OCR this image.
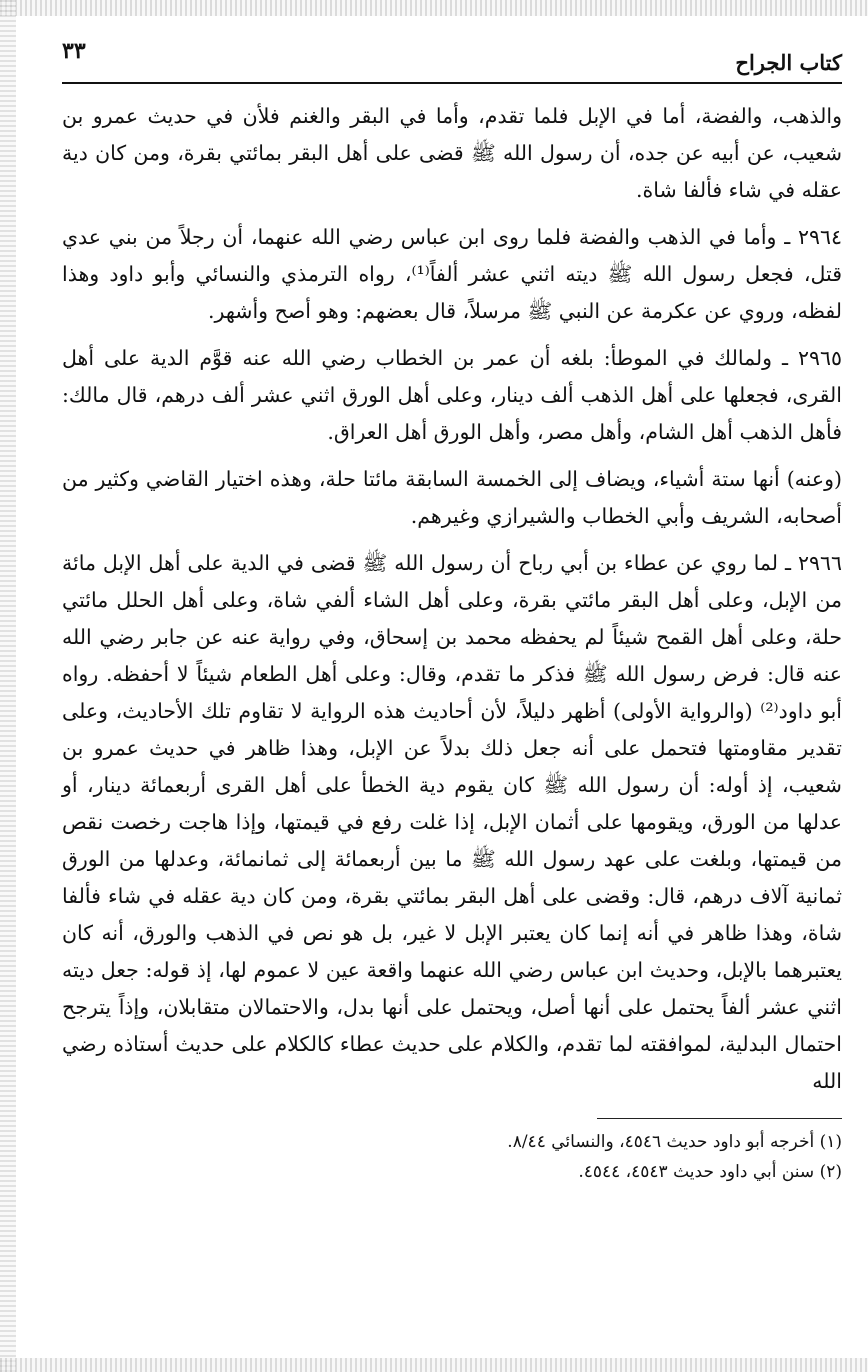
كتاب الجراح
٣٣

والذهب، والفضة، أما في الإبل فلما تقدم، وأما في البقر والغنم فلأن في حديث عمرو بن شعيب، عن أبيه عن جده، أن رسول الله ﷺ قضى على أهل البقر بمائتي بقرة، ومن كان دية عقله في شاء فألفا شاة.

٢٩٦٤ ـ وأما في الذهب والفضة فلما روى ابن عباس رضي الله عنهما، أن رجلاً من بني عدي قتل، فجعل رسول الله ﷺ ديته اثني عشر ألفاً⁽¹⁾، رواه الترمذي والنسائي وأبو داود وهذا لفظه، وروي عن عكرمة عن النبي ﷺ مرسلاً، قال بعضهم: وهو أصح وأشهر.

٢٩٦٥ ـ ولمالك في الموطأ: بلغه أن عمر بن الخطاب رضي الله عنه قوَّم الدية على أهل القرى، فجعلها على أهل الذهب ألف دينار، وعلى أهل الورق اثني عشر ألف درهم، قال مالك: فأهل الذهب أهل الشام، وأهل مصر، وأهل الورق أهل العراق.

(وعنه) أنها ستة أشياء، ويضاف إلى الخمسة السابقة مائتا حلة، وهذه اختيار القاضي وكثير من أصحابه، الشريف وأبي الخطاب والشيرازي وغيرهم.

٢٩٦٦ ـ لما روي عن عطاء بن أبي رباح أن رسول الله ﷺ قضى في الدية على أهل الإبل مائة من الإبل، وعلى أهل البقر مائتي بقرة، وعلى أهل الشاء ألفي شاة، وعلى أهل الحلل مائتي حلة، وعلى أهل القمح شيئاً لم يحفظه محمد بن إسحاق، وفي رواية عنه عن جابر رضي الله عنه قال: فرض رسول الله ﷺ فذكر ما تقدم، وقال: وعلى أهل الطعام شيئاً لا أحفظه. رواه أبو داود⁽²⁾ (والرواية الأولى) أظهر دليلاً، لأن أحاديث هذه الرواية لا تقاوم تلك الأحاديث، وعلى تقدير مقاومتها فتحمل على أنه جعل ذلك بدلاً عن الإبل، وهذا ظاهر في حديث عمرو بن شعيب، إذ أوله: أن رسول الله ﷺ كان يقوم دية الخطأ على أهل القرى أربعمائة دينار، أو عدلها من الورق، ويقومها على أثمان الإبل، إذا غلت رفع في قيمتها، وإذا هاجت رخصت نقص من قيمتها، وبلغت على عهد رسول الله ﷺ ما بين أربعمائة إلى ثمانمائة، وعدلها من الورق ثمانية آلاف درهم، قال: وقضى على أهل البقر بمائتي بقرة، ومن كان دية عقله في شاء فألفا شاة، وهذا ظاهر في أنه إنما كان يعتبر الإبل لا غير، بل هو نص في الذهب والورق، أنه كان يعتبرهما بالإبل، وحديث ابن عباس رضي الله عنهما واقعة عين لا عموم لها، إذ قوله: جعل ديته اثني عشر ألفاً يحتمل على أنها أصل، ويحتمل على أنها بدل، والاحتمالان متقابلان، وإذاً يترجح احتمال البدلية، لموافقته لما تقدم، والكلام على حديث عطاء كالكلام على حديث أستاذه رضي الله

(١) أخرجه أبو داود حديث ٤٥٤٦، والنسائي ٨/٤٤.

(٢) سنن أبي داود حديث ٤٥٤٣، ٤٥٤٤.
